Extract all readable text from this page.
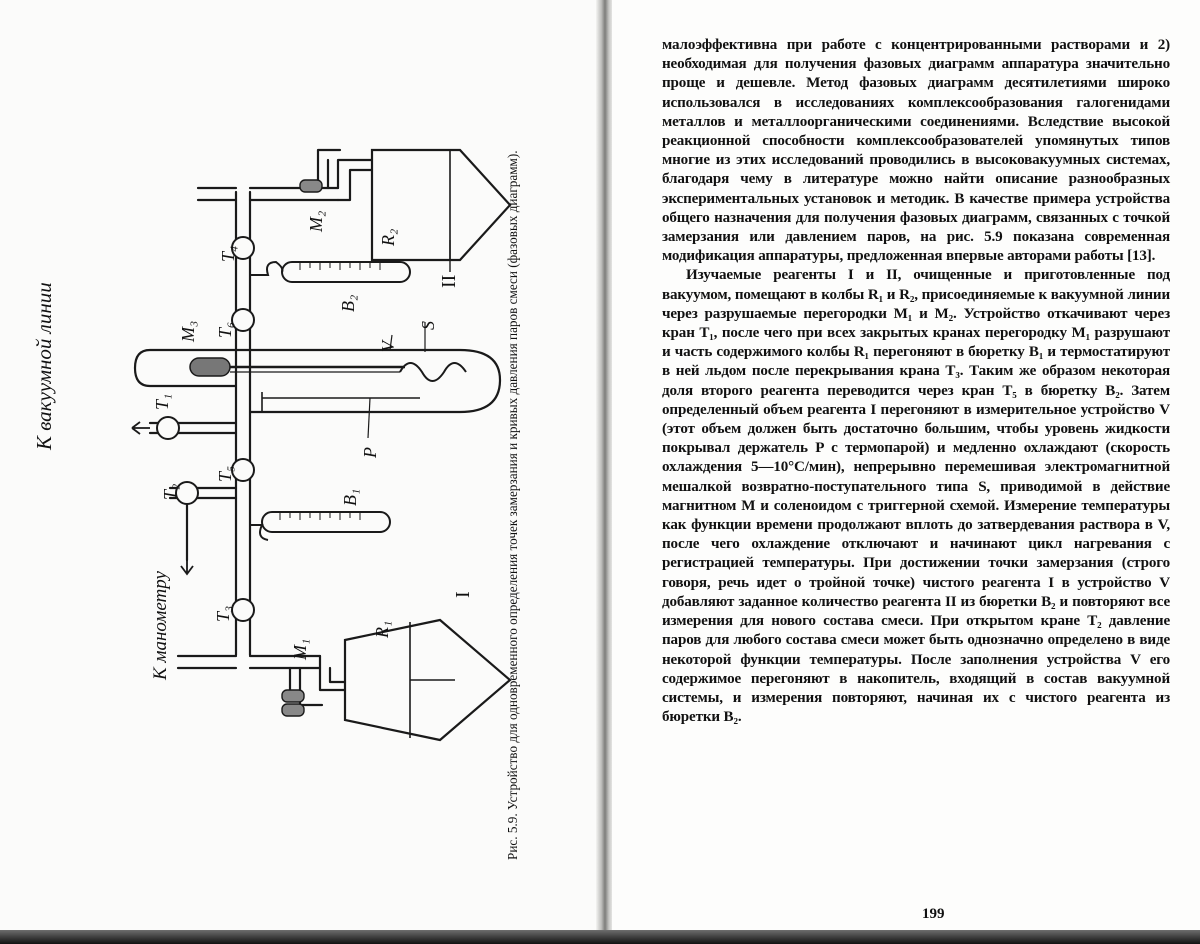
К вакуумной линии
К манометру
T₁
T₂
T₃
T₄
T₅
T₆
M₁
M₂
M₃
R₁
R₂
B₁
B₂
V
S
P
I
II	Рис. 5.9. Устройство для одновременного определения точек замерзания и кривых давления паров смеси (фазовых диаграмм).

малоэффективна при работе с концентрированными растворами и 2) необходимая для получения фазовых диаграмм аппаратура значительно проще и дешевле. Метод фазовых диаграмм десятилетиями широко использовался в исследованиях комплексообразования галогенидами металлов и металлоорганическими соединениями. Вследствие высокой реакционной способности комплексообразователей упомянутых типов многие из этих исследований проводились в высоковакуумных системах, благодаря чему в литературе можно найти описание разнообразных экспериментальных установок и методик. В качестве примера устройства общего назначения для получения фазовых диаграмм, связанных с точкой замерзания или давлением паров, на рис. 5.9 показана современная модификация аппаратуры, предложенная впервые авторами работы [13].

Изучаемые реагенты I и II, очищенные и приготовленные под вакуумом, помещают в колбы R₁ и R₂, присоединяемые к вакуумной линии через разрушаемые перегородки M₁ и M₂. Устройство откачивают через кран T₁, после чего при всех закрытых кранах перегородку M₁ разрушают и часть содержимого колбы R₁ перегоняют в бюретку B₁ и термостатируют в ней льдом после перекрывания крана T₃. Таким же образом некоторая доля второго реагента переводится через кран T₅ в бюретку B₂. Затем определенный объем реагента I перегоняют в измерительное устройство V (этот объем должен быть достаточно большим, чтобы уровень жидкости покрывал держатель P с термопарой) и медленно охлаждают (скорость охлаждения 5—10°C/мин), непрерывно перемешивая электромагнитной мешалкой возвратно-поступательного типа S, приводимой в действие магнитном M и соленоидом с триггерной схемой. Измерение температуры как функции времени продолжают вплоть до затвердевания раствора в V, после чего охлаждение отключают и начинают цикл нагревания с регистрацией температуры. При достижении точки замерзания (строго говоря, речь идет о тройной точке) чистого реагента I в устройство V добавляют заданное количество реагента II из бюретки B₂ и повторяют все измерения для нового состава смеси. При открытом кране T₂ давление паров для любого состава смеси может быть однозначно определено в виде некоторой функции температуры. После заполнения устройства V его содержимое перегоняют в накопитель, входящий в состав вакуумной системы, и измерения повторяют, начиная их с чистого реагента из бюретки B₂.

199
